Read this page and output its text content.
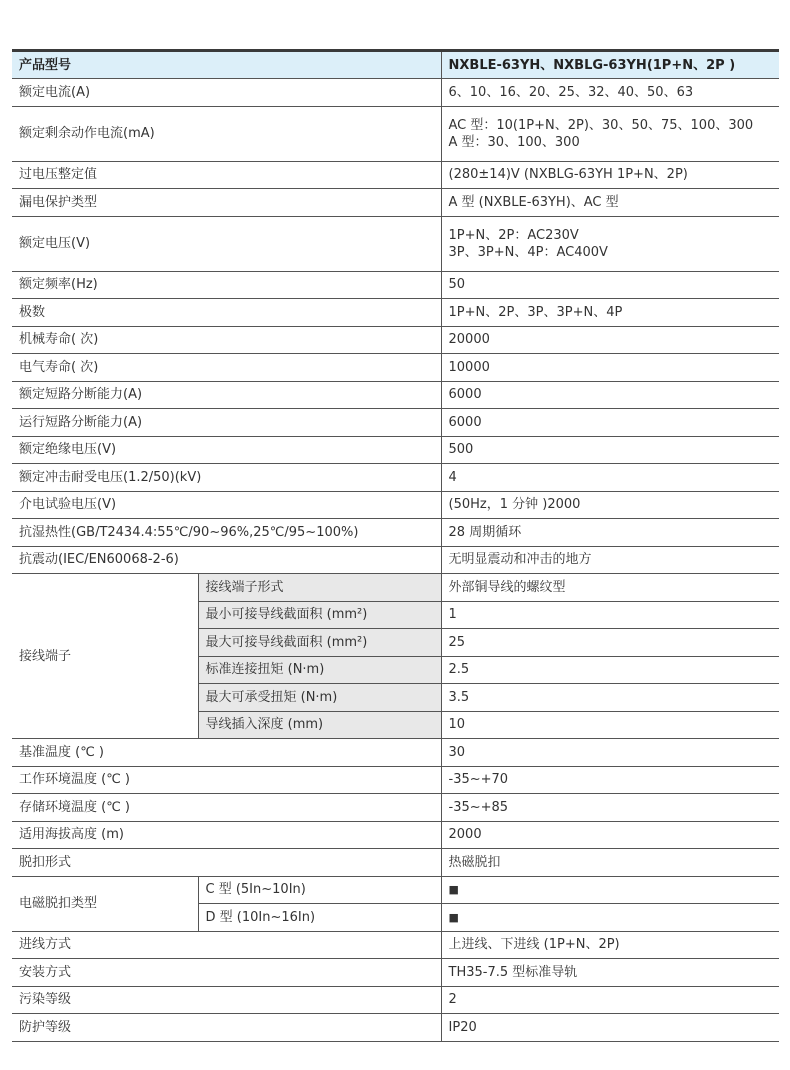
产品型号		NXBLE-63YH、NXBLG-63YH(1P+N、2P )
额定电流(A)		6、10、16、20、25、32、40、50、63
额定剩余动作电流(mA)		AC 型：10(1P+N、2P)、30、50、75、100、300
A 型：30、100、300

过电压整定值		(280±14)V (NXBLG-63YH 1P+N、2P)
漏电保护类型		A 型 (NXBLE-63YH)、AC 型
额定电压(V)		1P+N、2P：AC230V
3P、3P+N、4P：AC400V

额定频率(Hz)		50
极数		1P+N、2P、3P、3P+N、4P
机械寿命( 次)		20000
电气寿命( 次)		10000
额定短路分断能力(A)		6000
运行短路分断能力(A)		6000
额定绝缘电压(V)		500
额定冲击耐受电压(1.2/50)(kV)		4
介电试验电压(V)		(50Hz，1 分钟 )2000
抗湿热性(GB/T2434.4:55℃/90~96%,25℃/95~100%)		28 周期循环
抗震动(IEC/EN60068-2-6)		无明显震动和冲击的地方
接线端子	接线端子形式	外部铜导线的螺纹型
	最小可接导线截面积 (mm²)	1
	最大可接导线截面积 (mm²)	25
	标准连接扭矩 (N·m)	2.5
	最大可承受扭矩 (N·m)	3.5
	导线插入深度 (mm)	10
基准温度 (℃ )		30
工作环境温度 (℃ )		-35~+70
存储环境温度 (℃ )		-35~+85
适用海拔高度 (m)		2000
脱扣形式		热磁脱扣
电磁脱扣类型	C 型 (5In~10In)	■
	D 型 (10In~16In)	■
进线方式		上进线、下进线 (1P+N、2P)
安装方式		TH35-7.5 型标准导轨
污染等级		2
防护等级		IP20
